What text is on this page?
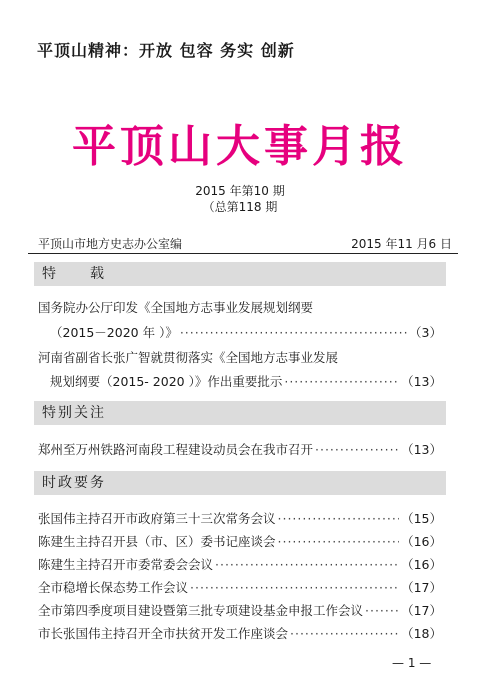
平顶山精神：开放 包容 务实 创新
平顶山大事月报
2015 年第10 期
（总第118 期
平顶山市地方史志办公室编	2015 年11 月6 日
特　　载
国务院办公厅印发《全国地方志事业发展规划纲要
（2015－2020 年 ）》 ·····	（3）
河南省副省长张广智就贯彻落实《全国地方志事业发展
规划纲要（2015- 2020 ）》作出重要批示 ·····	（13）
特别关注
郑州至万州铁路河南段工程建设动员会在我市召开 ·····	（13）
时政要务
张国伟主持召开市政府第三十三次常务会议 ·····	（15）
陈建生主持召开县（市、区）委书记座谈会 ·····	（16）
陈建生主持召开市委常委会会议 ·····	（16）
全市稳增长保态势工作会议 ·····	（17）
全市第四季度项目建设暨第三批专项建设基金申报工作会议 ·····	（17）
市长张国伟主持召开全市扶贫开发工作座谈会 ·····	（18）
— 1 —
